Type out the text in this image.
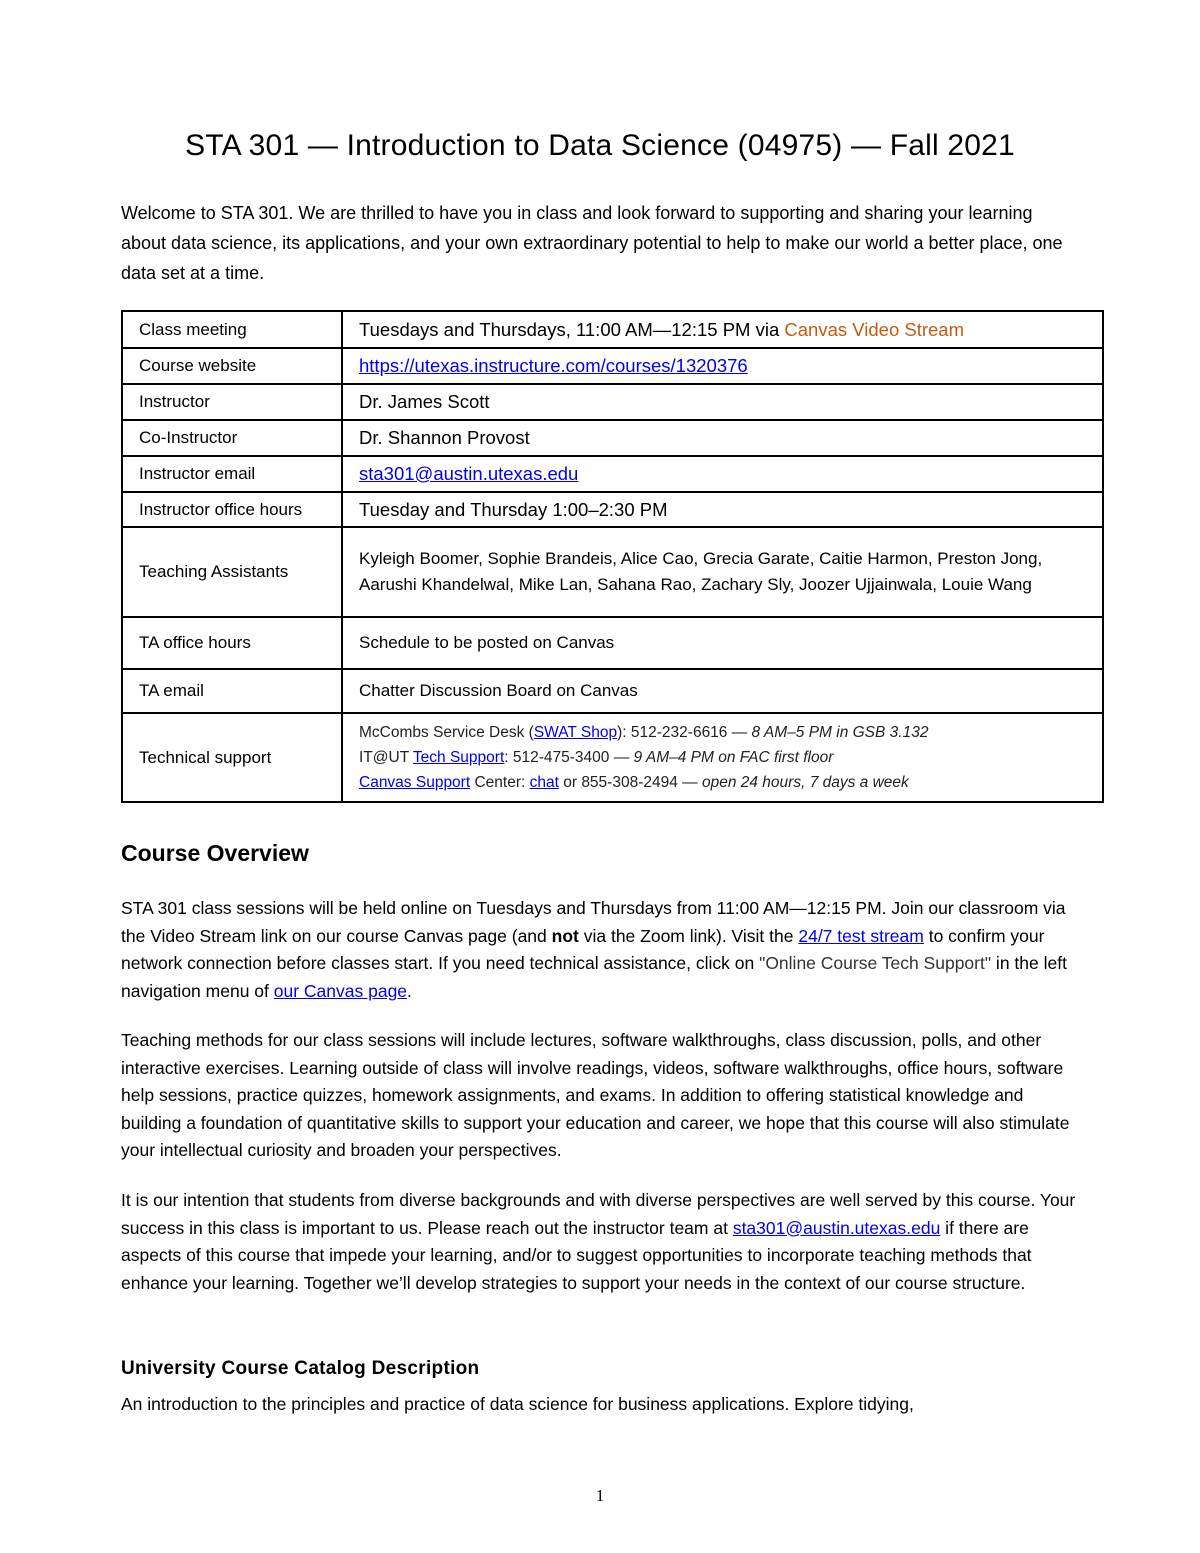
STA 301 — Introduction to Data Science (04975) — Fall 2021
Welcome to STA 301. We are thrilled to have you in class and look forward to supporting and sharing your learning about data science, its applications, and your own extraordinary potential to help to make our world a better place, one data set at a time.
Class meeting	Tuesdays and Thursdays, 11:00 AM—12:15 PM via Canvas Video Stream
Course website	https://utexas.instructure.com/courses/1320376
Instructor	Dr. James Scott
Co-Instructor	Dr. Shannon Provost
Instructor email	sta301@austin.utexas.edu
Instructor office hours	Tuesday and Thursday 1:00–2:30 PM
Teaching Assistants	Kyleigh Boomer, Sophie Brandeis, Alice Cao, Grecia Garate, Caitie Harmon, Preston Jong, Aarushi Khandelwal, Mike Lan, Sahana Rao, Zachary Sly, Joozer Ujjainwala, Louie Wang
TA office hours	Schedule to be posted on Canvas
TA email	Chatter Discussion Board on Canvas
Technical support	McCombs Service Desk (SWAT Shop): 512-232-6616 — 8 AM–5 PM in GSB 3.132
IT@UT Tech Support: 512-475-3400 — 9 AM–4 PM on FAC first floor
Canvas Support Center: chat or 855-308-2494 — open 24 hours, 7 days a week
Course Overview
STA 301 class sessions will be held online on Tuesdays and Thursdays from 11:00 AM—12:15 PM. Join our classroom via the Video Stream link on our course Canvas page (and not via the Zoom link). Visit the 24/7 test stream to confirm your network connection before classes start. If you need technical assistance, click on "Online Course Tech Support" in the left navigation menu of our Canvas page.
Teaching methods for our class sessions will include lectures, software walkthroughs, class discussion, polls, and other interactive exercises. Learning outside of class will involve readings, videos, software walkthroughs, office hours, software help sessions, practice quizzes, homework assignments, and exams. In addition to offering statistical knowledge and building a foundation of quantitative skills to support your education and career, we hope that this course will also stimulate your intellectual curiosity and broaden your perspectives.
It is our intention that students from diverse backgrounds and with diverse perspectives are well served by this course. Your success in this class is important to us. Please reach out the instructor team at sta301@austin.utexas.edu if there are aspects of this course that impede your learning, and/or to suggest opportunities to incorporate teaching methods that enhance your learning. Together we’ll develop strategies to support your needs in the context of our course structure.
University Course Catalog Description
An introduction to the principles and practice of data science for business applications. Explore tidying,
1
